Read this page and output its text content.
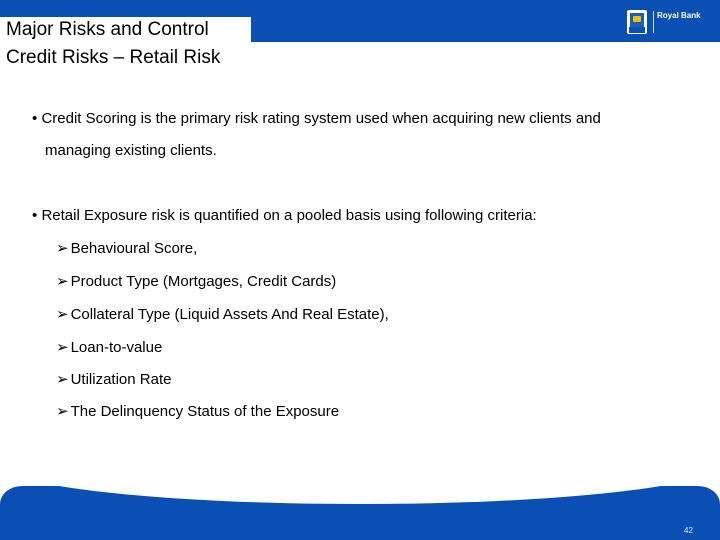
Royal Bank
Major Risks and Control
Credit Risks – Retail Risk
• Credit Scoring is the primary risk rating system used when acquiring new clients and
managing existing clients.
• Retail Exposure risk is quantified on a pooled basis using following criteria:
➢ Behavioural Score,
➢ Product Type (Mortgages, Credit Cards)
➢ Collateral Type (Liquid Assets And Real Estate),
➢ Loan-to-value
➢ Utilization Rate
➢ The Delinquency Status of the Exposure
42
